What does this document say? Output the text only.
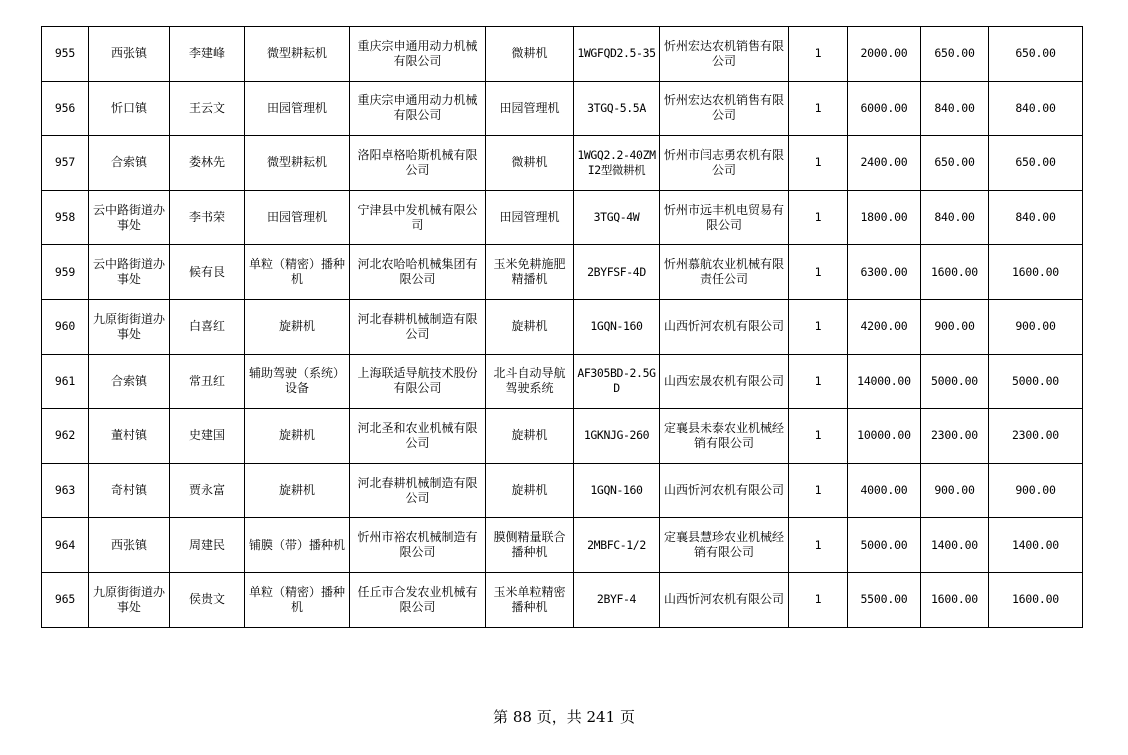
955	西张镇	李建峰	微型耕耘机	重庆宗申通用动力机械有限公司	微耕机	1WGFQD2.5-35	忻州宏达农机销售有限公司	1	2000.00	650.00	650.00
956	忻口镇	王云文	田园管理机	重庆宗申通用动力机械有限公司	田园管理机	3TGQ-5.5A	忻州宏达农机销售有限公司	1	6000.00	840.00	840.00
957	合索镇	娄林先	微型耕耘机	洛阳卓格哈斯机械有限公司	微耕机	1WGQ2.2-40ZMI2型微耕机	忻州市闫志勇农机有限公司	1	2400.00	650.00	650.00
958	云中路街道办事处	李书荣	田园管理机	宁津县中发机械有限公司	田园管理机	3TGQ-4W	忻州市远丰机电贸易有限公司	1	1800.00	840.00	840.00
959	云中路街道办事处	候有艮	单粒（精密）播种机	河北农哈哈机械集团有限公司	玉米免耕施肥精播机	2BYFSF-4D	忻州慕航农业机械有限责任公司	1	6300.00	1600.00	1600.00
960	九原街街道办事处	白喜红	旋耕机	河北春耕机械制造有限公司	旋耕机	1GQN-160	山西忻河农机有限公司	1	4200.00	900.00	900.00
961	合索镇	常丑红	辅助驾驶（系统）设备	上海联适导航技术股份有限公司	北斗自动导航驾驶系统	AF305BD-2.5GD	山西宏晟农机有限公司	1	14000.00	5000.00	5000.00
962	董村镇	史建国	旋耕机	河北圣和农业机械有限公司	旋耕机	1GKNJG-260	定襄县未泰农业机械经销有限公司	1	10000.00	2300.00	2300.00
963	奇村镇	贾永富	旋耕机	河北春耕机械制造有限公司	旋耕机	1GQN-160	山西忻河农机有限公司	1	4000.00	900.00	900.00
964	西张镇	周建民	铺膜（带）播种机	忻州市裕农机械制造有限公司	膜侧精量联合播种机	2MBFC-1/2	定襄县慧珍农业机械经销有限公司	1	5000.00	1400.00	1400.00
965	九原街街道办事处	侯贵文	单粒（精密）播种机	任丘市合发农业机械有限公司	玉米单粒精密播种机	2BYF-4	山西忻河农机有限公司	1	5500.00	1600.00	1600.00
第 88 页，共 241 页
